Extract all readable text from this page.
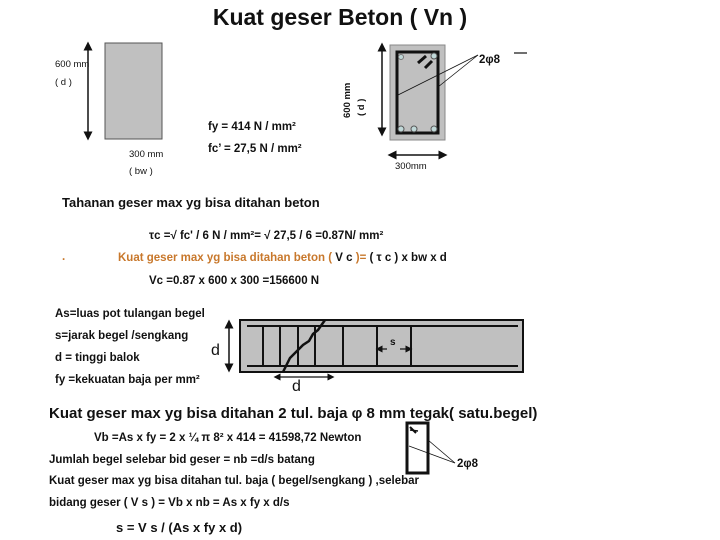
Kuat geser Beton ( Vn )
600 mm
( d )
300 mm
( bw )
600 mm ( d )
300mm
2φ8
fy = 414 N / mm²
fc’ = 27,5 N / mm²
Tahanan geser max yg bisa ditahan beton
τc =√ fc' / 6 N / mm²= √ 27,5 / 6 =0.87N/ mm²
.	Kuat geser max yg bisa ditahan beton ( V c )= ( τ c ) x bw x d
Vc =0.87 x 600 x 300 =156600 N
As=luas pot tulangan begel
s=jarak begel /sengkang
d = tinggi balok
fy =kekuatan baja per mm²
d
d
s
Kuat geser max yg bisa ditahan 2 tul. baja φ 8 mm tegak( satu.begel)
Vb =As x fy = 2 x ¼ π 8² x 414 = 41598,72 Newton
Jumlah begel selebar bid geser = nb =d/s batang
Kuat geser max yg bisa ditahan tul. baja ( begel/sengkang ) ,selebar
bidang geser ( V s ) = Vb x nb = As x fy x d/s
s = V s / (As x fy x d)
2φ8
